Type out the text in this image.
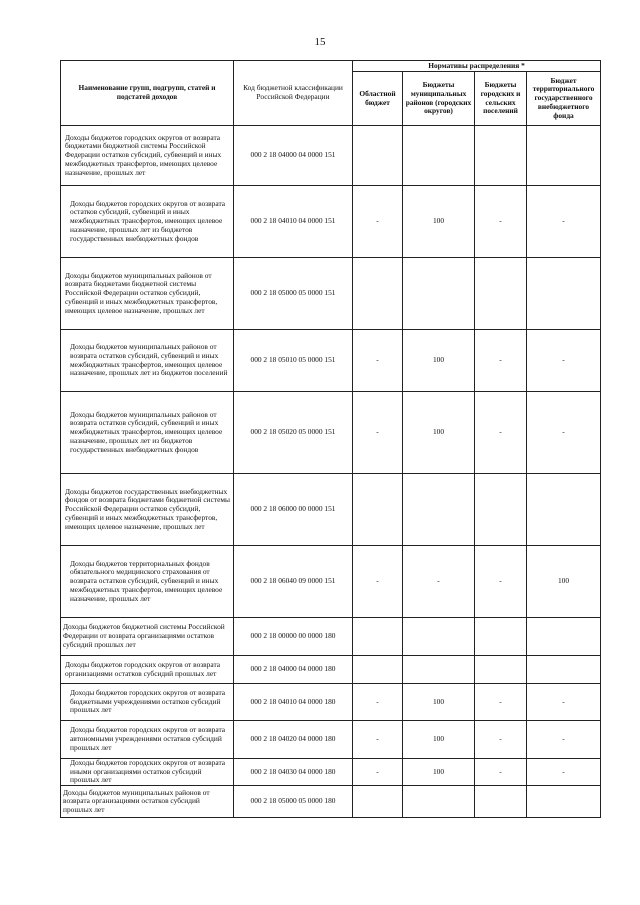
15
Наименование групп, подгрупп, статей и подстатей доходов	Код бюджетной классификации Российской Федерации	Нормативы распределения *			
		Областной бюджет	Бюджеты муниципальных районов (городских округов)	Бюджеты городских и сельских поселений	Бюджет территориального государственного внебюджетного фонда
Доходы бюджетов городских округов от возврата бюджетами бюджетной системы Российской Федерации остатков субсидий, субвенций и иных межбюджетных трансфертов, имеющих целевое назначение, прошлых лет	000 2 18 04000 04 0000 151				
Доходы бюджетов городских округов от возврата остатков субсидий, субвенций и иных межбюджетных трансфертов, имеющих целевое назначение, прошлых лет из бюджетов государственных внебюджетных фондов	000 2 18 04010 04 0000 151	-	100	-	-
Доходы бюджетов муниципальных районов от возврата бюджетами бюджетной системы Российской Федерации остатков субсидий, субвенций и иных межбюджетных трансфертов, имеющих целевое назначение, прошлых лет	000 2 18 05000 05 0000 151				
Доходы бюджетов муниципальных районов от возврата остатков субсидий, субвенций и иных межбюджетных трансфертов, имеющих целевое назначение, прошлых лет из бюджетов поселений	000 2 18 05010 05 0000 151	-	100	-	-
Доходы бюджетов муниципальных районов от возврата остатков субсидий, субвенций и иных межбюджетных трансфертов, имеющих целевое назначение, прошлых лет из бюджетов государственных внебюджетных фондов	000 2 18 05020 05 0000 151	-	100	-	-
Доходы бюджетов государственных внебюджетных фондов от возврата бюджетами бюджетной системы Российской Федерации остатков субсидий, субвенций и иных межбюджетных трансфертов, имеющих целевое назначение, прошлых лет	000 2 18 06000 00 0000 151				
Доходы бюджетов территориальных фондов обязательного медицинского страхования от возврата остатков субсидий, субвенций и иных межбюджетных трансфертов, имеющих целевое назначение, прошлых лет	000 2 18 06040 09 0000 151	-	-	-	100
Доходы бюджетов бюджетной системы Российской Федерации от возврата организациями остатков субсидий прошлых лет	000 2 18 00000 00 0000 180				
Доходы бюджетов городских округов от возврата организациями остатков субсидий прошлых лет	000 2 18 04000 04 0000 180				
Доходы бюджетов городских округов от возврата бюджетными учреждениями остатков субсидий прошлых лет	000 2 18 04010 04 0000 180	-	100	-	-
Доходы бюджетов городских округов от возврата автономными учреждениями остатков субсидий прошлых лет	000 2 18 04020 04 0000 180	-	100	-	-
Доходы бюджетов городских округов от возврата иными организациями остатков субсидий прошлых лет	000 2 18 04030 04 0000 180	-	100	-	-
Доходы бюджетов муниципальных районов от возврата организациями остатков субсидий прошлых лет	000 2 18 05000 05 0000 180				
